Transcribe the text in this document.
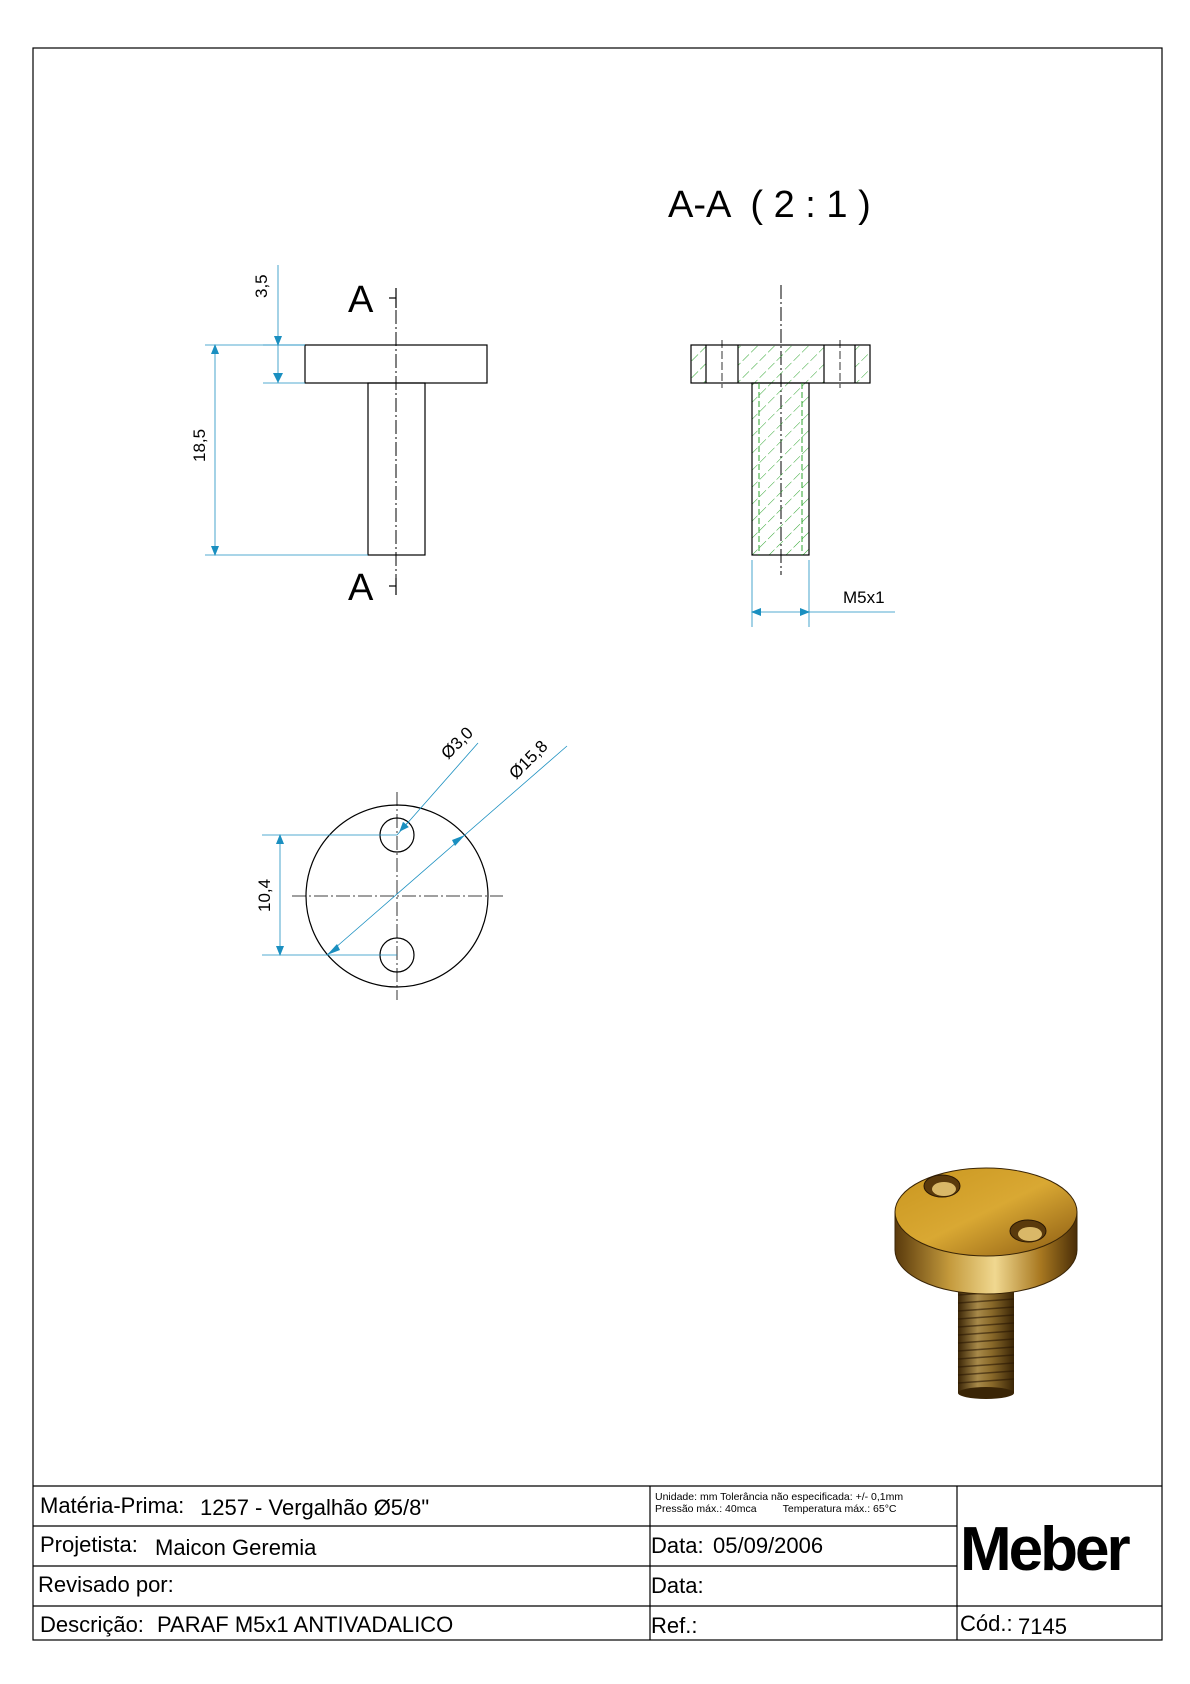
A
A
3,5
18,5
A-A  ( 2 : 1 )
M5x1
10,4
Ø3,0 Ø15,8
Matéria-Prima: 1257 - Vergalhão Ø5/8"	Unidade: mm Tolerância não especificada: +/- 0,1mm
Pressão máx.: 40mca         Temperatura máx.: 65°C
Projetista: Maicon Geremia	Data: 05/09/2006
Revisado por:	Data:
Descrição: PARAF M5x1 ANTIVADALICO	Ref.:	Cód.: 7145
Meber
